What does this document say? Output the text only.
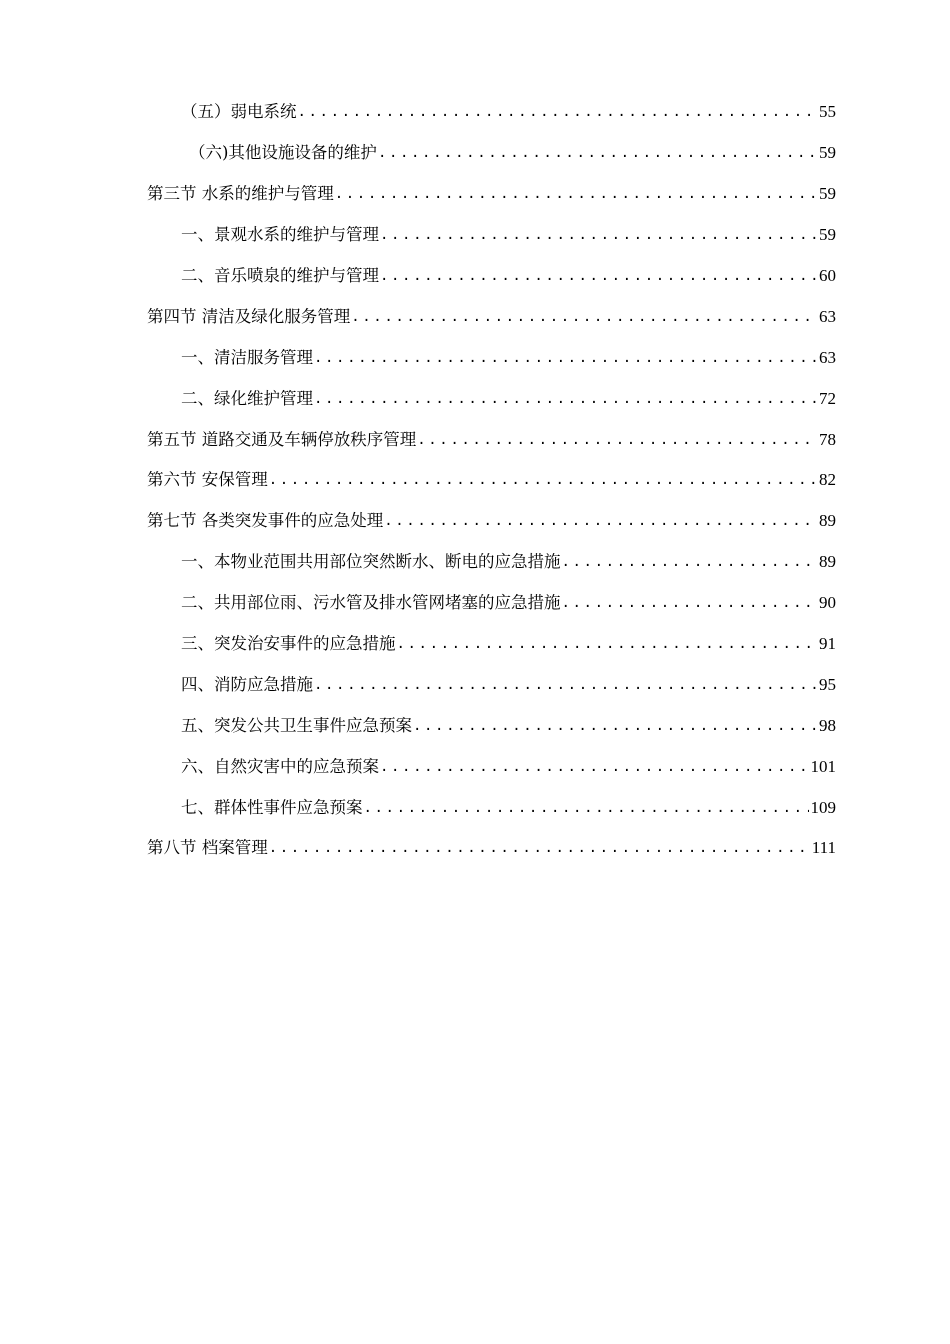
（五）弱电系统 .....	55
（六)其他设施设备的维护 .....	59
第三节 水系的维护与管理 .....	59
一、景观水系的维护与管理 .....	59
二、音乐喷泉的维护与管理 .....	60
第四节 清洁及绿化服务管理 .....	63
一、清洁服务管理 .....	63
二、绿化维护管理 .....	72
第五节 道路交通及车辆停放秩序管理 .....	78
第六节 安保管理 .....	82
第七节 各类突发事件的应急处理 .....	89
一、本物业范围共用部位突然断水、断电的应急措施 .....	89
二、共用部位雨、污水管及排水管网堵塞的应急措施 .....	90
三、突发治安事件的应急措施 .....	91
四、消防应急措施 .....	95
五、突发公共卫生事件应急预案 .....	98
六、自然灾害中的应急预案 .....	101
七、群体性事件应急预案 .....	109
第八节 档案管理 .....	111
